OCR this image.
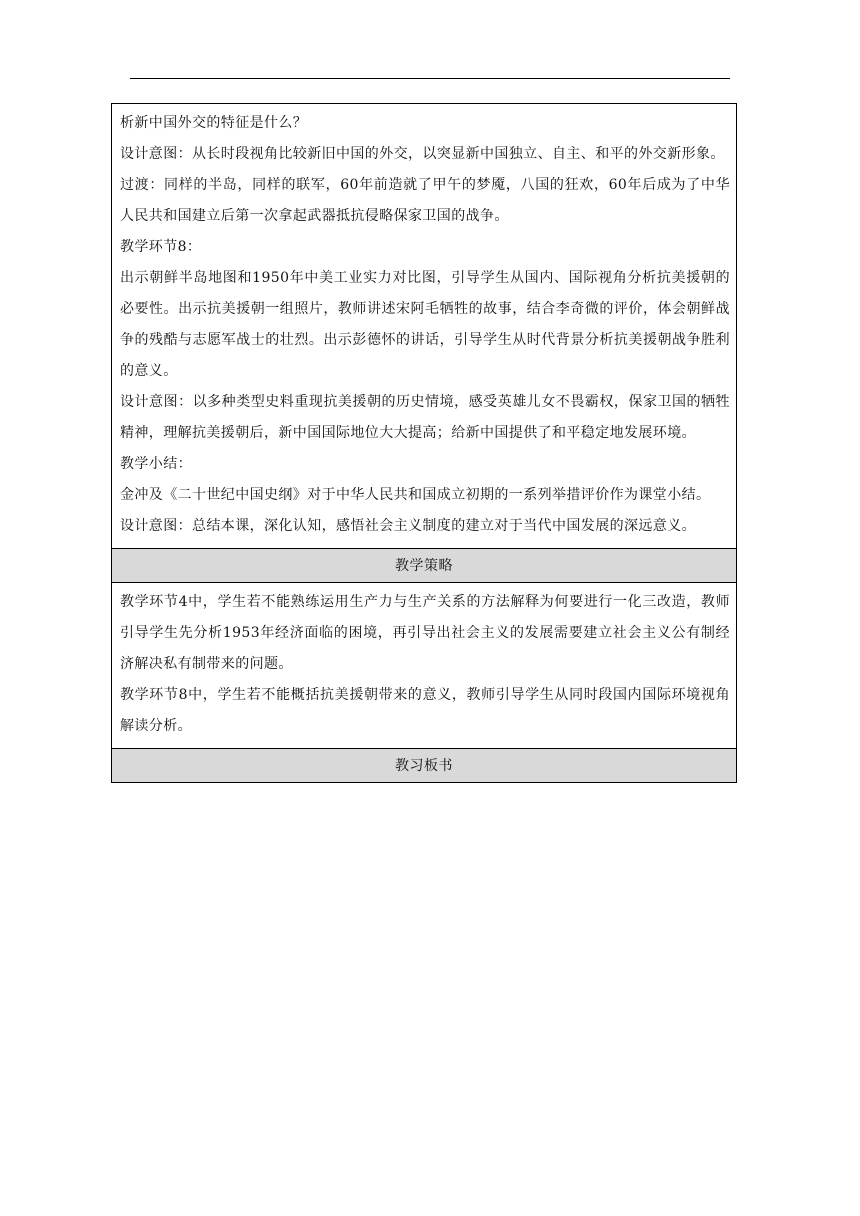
析新中国外交的特征是什么？

设计意图：从长时段视角比较新旧中国的外交，以突显新中国独立、自主、和平的外交新形象。

过渡：同样的半岛，同样的联军，60年前造就了甲午的梦魇，八国的狂欢，60年后成为了中华人民共和国建立后第一次拿起武器抵抗侵略保家卫国的战争。

教学环节8：

出示朝鲜半岛地图和1950年中美工业实力对比图，引导学生从国内、国际视角分析抗美援朝的必要性。出示抗美援朝一组照片，教师讲述宋阿毛牺牲的故事，结合李奇微的评价，体会朝鲜战争的残酷与志愿军战士的壮烈。出示彭德怀的讲话，引导学生从时代背景分析抗美援朝战争胜利的意义。

设计意图：以多种类型史料重现抗美援朝的历史情境，感受英雄儿女不畏霸权，保家卫国的牺牲精神，理解抗美援朝后，新中国国际地位大大提高；给新中国提供了和平稳定地发展环境。

教学小结：

金冲及《二十世纪中国史纲》对于中华人民共和国成立初期的一系列举措评价作为课堂小结。

设计意图：总结本课，深化认知，感悟社会主义制度的建立对于当代中国发展的深远意义。

教学策略

教学环节4中，学生若不能熟练运用生产力与生产关系的方法解释为何要进行一化三改造，教师引导学生先分析1953年经济面临的困境，再引导出社会主义的发展需要建立社会主义公有制经济解决私有制带来的问题。

教学环节8中，学生若不能概括抗美援朝带来的意义，教师引导学生从同时段国内国际环境视角解读分析。

教习板书
